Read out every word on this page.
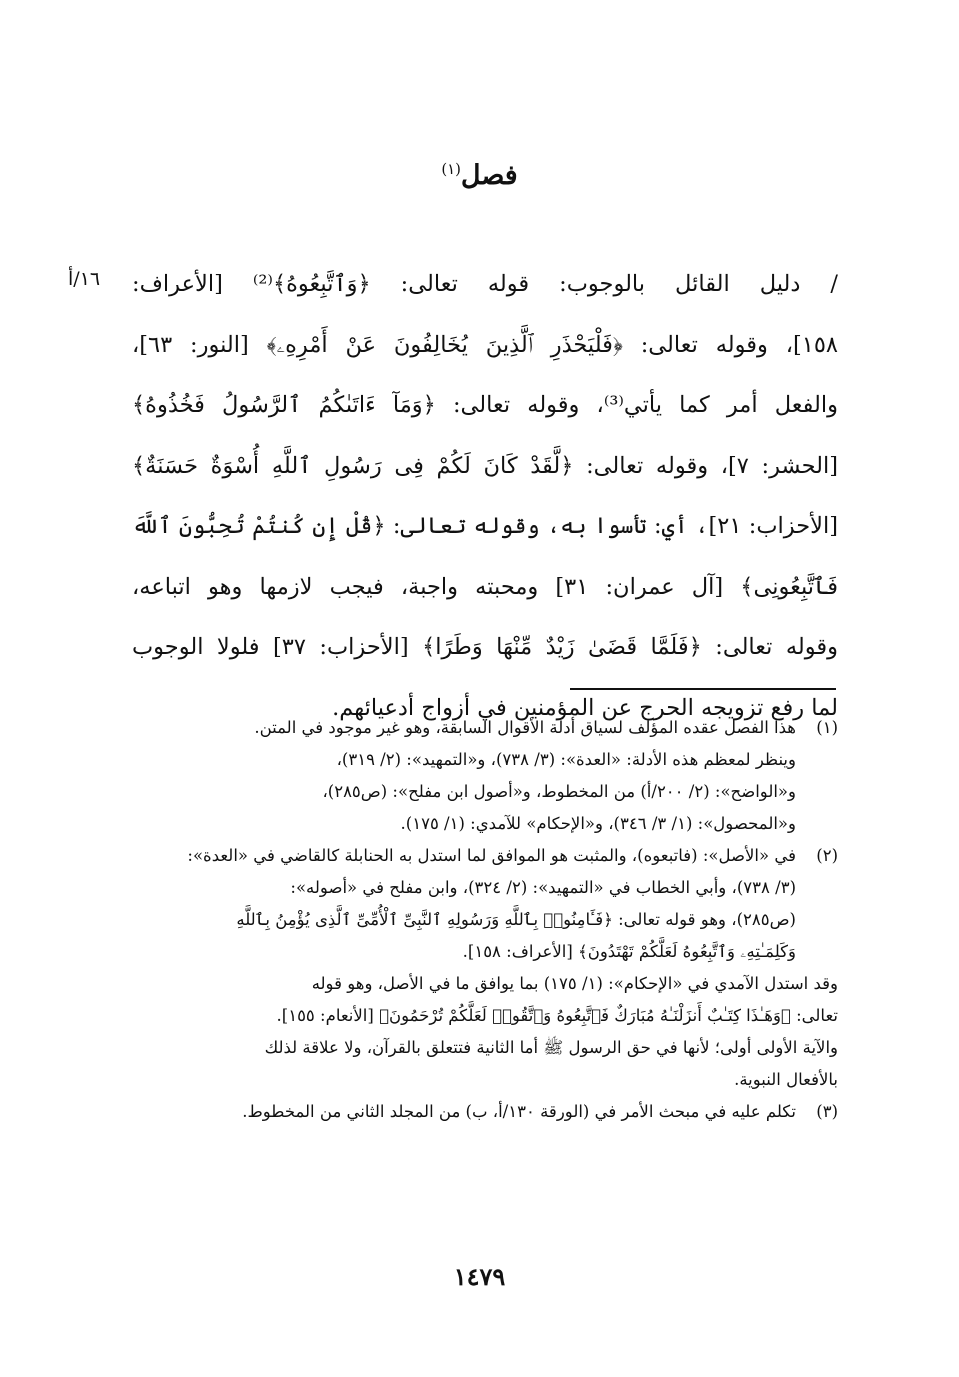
فصل$^{(١)}$
١٦/أ / دليل القائل بالوجوب: قوله تعالى: ﴿وَٱتَّبِعُوهُ﴾⁽²⁾ [الأعراف:
١٥٨]، وقوله تعالى: ﴿فَلْيَحْذَرِ ٱلَّذِينَ يُخَالِفُونَ عَنْ أَمْرِهِۦ﴾ [النور: ٦٣]،
والفعل أمر كما يأتي⁽³⁾، وقوله تعالى: ﴿وَمَآ ءَاتَىٰكُمُ ٱلرَّسُولُ فَخُذُوهُ﴾
[الحشر: ٧]، وقوله تعالى: ﴿لَّقَدْ كَانَ لَكُمْ فِى رَسُولِ ٱللَّهِ أُسْوَةٌ حَسَنَةٌ﴾
[الأحزاب: ٢١]، أي: تأسوا به، وقوله تعالى: ﴿قُلْ إِن كُنتُمْ تُحِبُّونَ ٱللَّهَ
فَٱتَّبِعُونِى﴾ [آل عمران: ٣١] ومحبته واجبة، فيجب لازمها وهو اتباعه،
وقوله تعالى: ﴿فَلَمَّا قَضَىٰ زَيْدٌ مِّنْهَا وَطَرًا﴾ [الأحزاب: ٣٧] فلولا الوجوب
لما رفع تزويجه الحرج عن المؤمنين في أزواج أدعيائهم.
(١)
هذا الفصل عقده المؤلف لسياق أدلة الأقوال السابقة، وهو غير موجود في المتن.
وينظر لمعظم هذه الأدلة: «العدة»: (٣/ ٧٣٨)، و«التمهيد»: (٢/ ٣١٩)،
و«الواضح»: (٢/ ٢٠٠/أ) من المخطوط، و«أصول ابن مفلح»: (ص٢٨٥)،
و«المحصول»: (١/ ٣/ ٣٤٦)، و«الإحكام» للآمدي: (١/ ١٧٥).
(٢)
في «الأصل»: (فاتبعوه)، والمثبت هو الموافق لما استدل به الحنابلة كالقاضي في «العدة»:
(٣/ ٧٣٨)، وأبي الخطاب في «التمهيد»: (٢/ ٣٢٤)، وابن مفلح في «أصوله»:
(ص٢٨٥)، وهو قوله تعالى: ﴿فَـَٔامِنُوا۟ بِٱللَّهِ وَرَسُولِهِ ٱلنَّبِىِّ ٱلْأُمِّىِّ ٱلَّذِى يُؤْمِنُ بِٱللَّهِ
وَكَلِمَـٰتِهِۦ وَٱتَّبِعُوهُ لَعَلَّكُمْ تَهْتَدُونَ﴾ [الأعراف: ١٥٨].
وقد استدل الآمدي في «الإحكام»: (١/ ١٧٥) بما يوافق ما في الأصل، وهو قوله
تعالى: ﴿وَهَـٰذَا كِتَـٰبٌ أَنزَلْنَـٰهُ مُبَارَكٌ فَٱتَّبِعُوهُ وَٱتَّقُوا۟ لَعَلَّكُمْ تُرْحَمُونَ﴾ [الأنعام: ١٥٥].
والآية الأولى أولى؛ لأنها في حق الرسول ﷺ أما الثانية فتتعلق بالقرآن، ولا علاقة لذلك
بالأفعال النبوية.
(٣)
تكلم عليه في مبحث الأمر في (الورقة ١٣٠/أ، ب) من المجلد الثاني من المخطوط.
١٤٧٩
